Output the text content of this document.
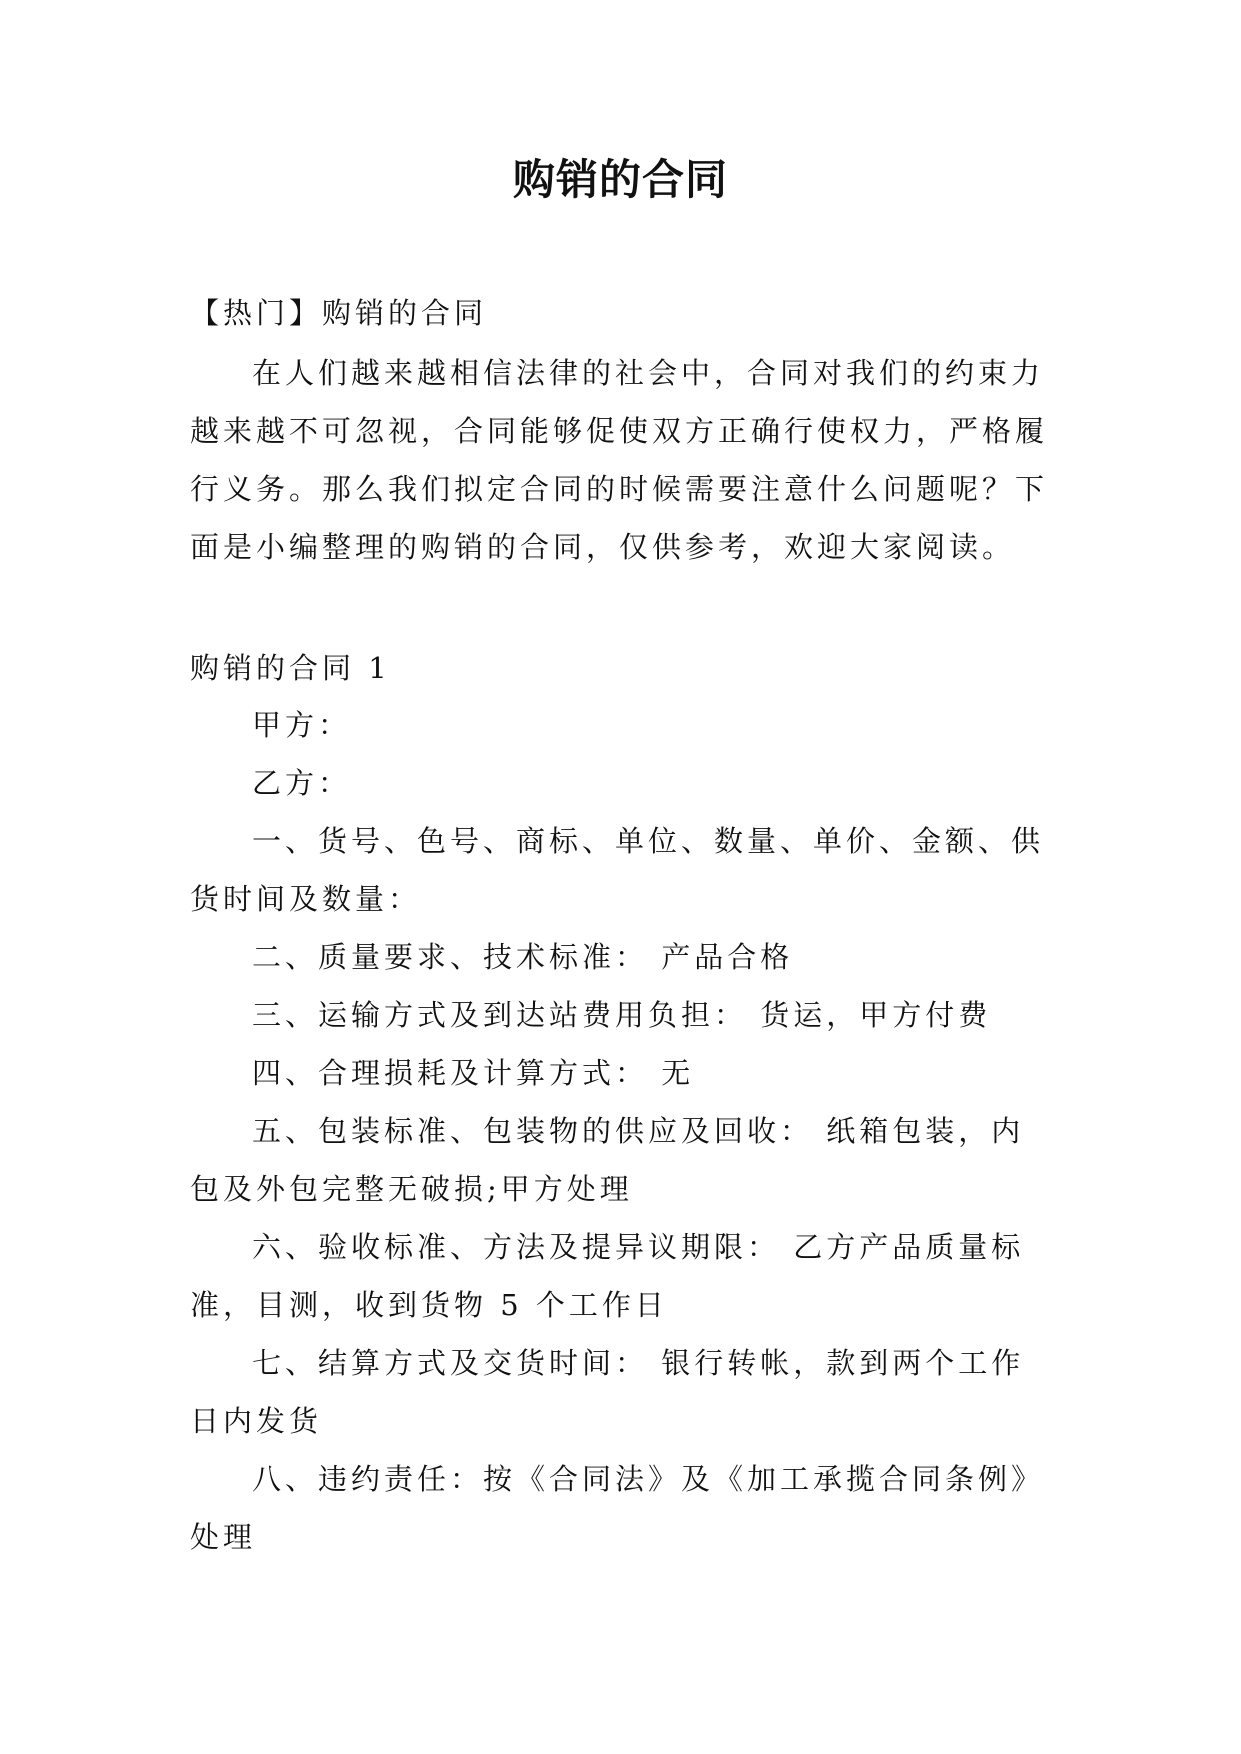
购销的合同
【热门】购销的合同
在人们越来越相信法律的社会中，合同对我们的约束力越来越不可忽视，合同能够促使双方正确行使权力，严格履行义务。那么我们拟定合同的时候需要注意什么问题呢？下面是小编整理的购销的合同，仅供参考，欢迎大家阅读。
购销的合同 1

甲方：

乙方：

一、货号、色号、商标、单位、数量、单价、金额、供货时间及数量：

二、质量要求、技术标准： 产品合格

三、运输方式及到达站费用负担： 货运，甲方付费

四、合理损耗及计算方式： 无

五、包装标准、包装物的供应及回收： 纸箱包装，内包及外包完整无破损;甲方处理

六、验收标准、方法及提异议期限： 乙方产品质量标准，目测，收到货物 5 个工作日

七、结算方式及交货时间： 银行转帐，款到两个工作日内发货

八、违约责任：按《合同法》及《加工承揽合同条例》处理
